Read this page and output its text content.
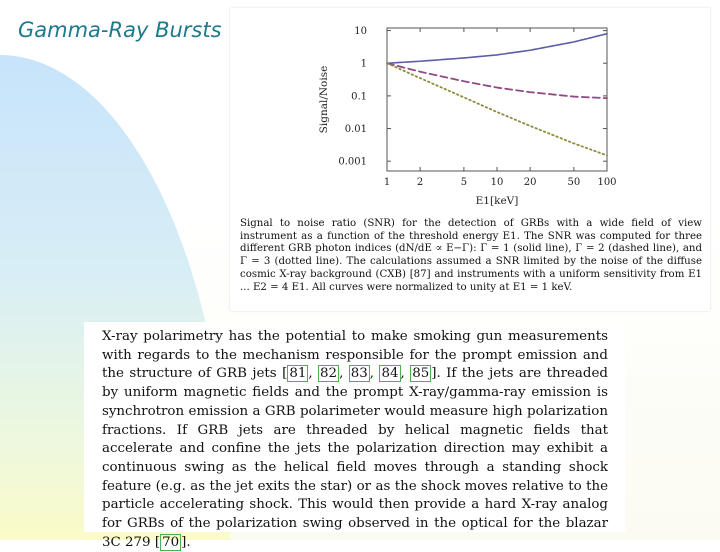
Gamma-Ray Bursts
1	2	5 10 20	50 100
10
1
0.1
0.01
0.001
E1[keV]
Signal/Noise
Signal to noise ratio (SNR) for the detection of GRBs with a wide field of view instrument as a function of the threshold energy E1. The SNR was computed for three different GRB photon indices (dN/dE ∝ E−Γ): Γ = 1 (solid line), Γ = 2 (dashed line), and Γ = 3 (dotted line). The calculations assumed a SNR limited by the noise of the diffuse cosmic X-ray background (CXB) [87] and instruments with a uniform sensitivity from E1 ... E2 = 4 E1. All curves were normalized to unity at E1 = 1 keV.
X-ray polarimetry has the potential to make smoking gun measurements with regards to the mechanism responsible for the prompt emission and the structure of GRB jets [ 81 , 82 , 83 , 84 , 85 ]. If the jets are threaded by uniform magnetic fields and the prompt X-ray/gamma-ray emission is synchrotron emission a GRB polarimeter would measure high polarization fractions. If GRB jets are threaded by helical magnetic fields that accelerate and confine the jets the polarization direction may exhibit a continuous swing as the helical field moves through a standing shock feature (e.g. as the jet exits the star) or as the shock moves relative to the particle accelerating shock. This would then provide a hard X-ray analog for GRBs of the polarization swing observed in the optical for the blazar 3C 279 [ 70 ].
